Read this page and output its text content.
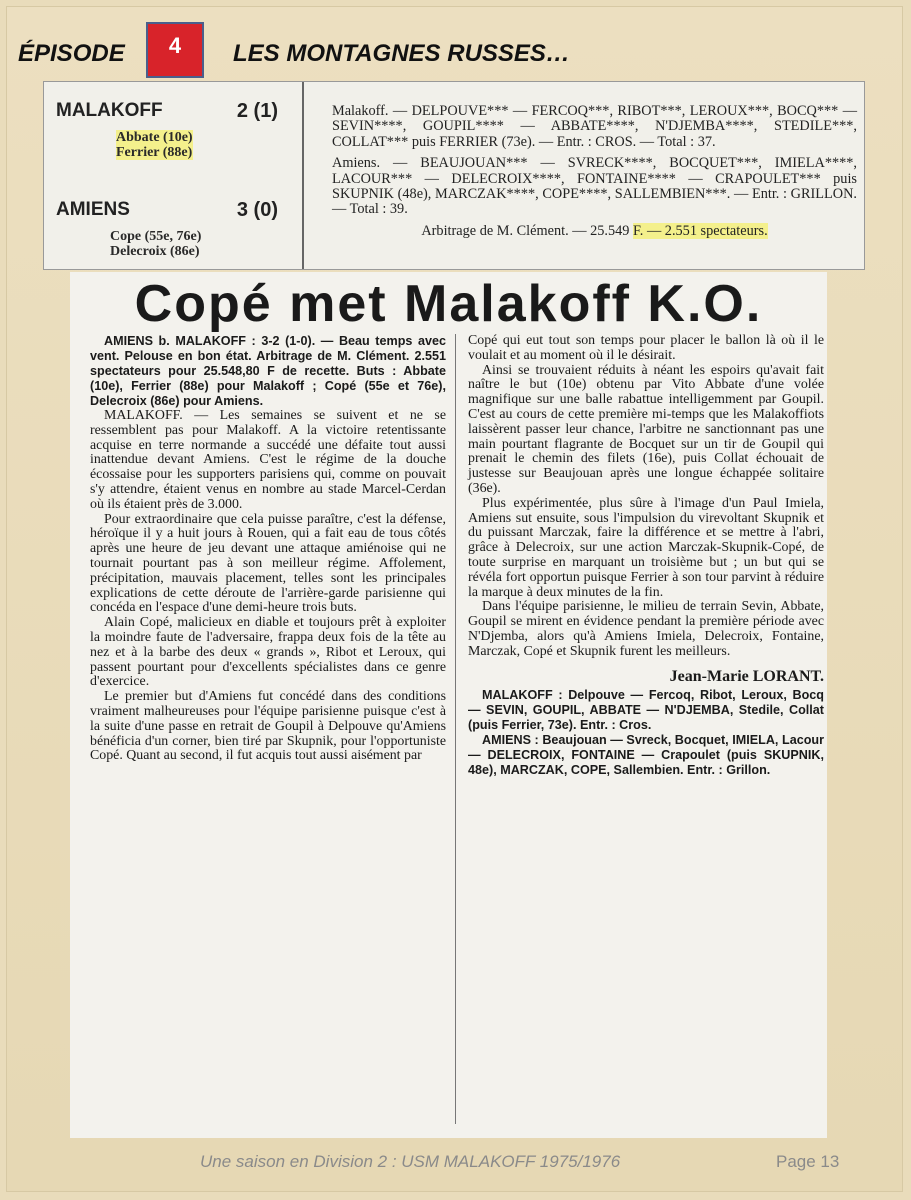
ÉPISODE	4	LES MONTAGNES RUSSES…
MALAKOFF	2 (1)
Abbate (10e)
Ferrier (88e)
AMIENS	3 (0)
Cope (55e, 76e)
Delecroix (86e)

Malakoff. — DELPOUVE*** — FERCOQ***, RIBOT***, LEROUX***, BOCQ*** — SEVIN****, GOUPIL**** — ABBATE****, N'DJEMBA****, STEDILE***, COLLAT*** puis FERRIER (73e). — Entr. : CROS. — Total : 37.

Amiens. — BEAUJOUAN*** — SVRECK****, BOCQUET***, IMIELA****, LACOUR*** — DELECROIX****, FONTAINE**** — CRAPOULET*** puis SKUPNIK (48e), MARCZAK****, COPE****, SALLEMBIEN***. — Entr. : GRILLON. — Total : 39.

Arbitrage de M. Clément. — 25.549 F. — 2.551 spectateurs.

Copé met Malakoff K.O.

AMIENS b. MALAKOFF : 3-2 (1-0). — Beau temps avec vent. Pelouse en bon état. Arbitrage de M. Clément. 2.551 spectateurs pour 25.548,80 F de recette. Buts : Abbate (10e), Ferrier (88e) pour Malakoff ; Copé (55e et 76e), Delecroix (86e) pour Amiens.

MALAKOFF. — Les semaines se suivent et ne se ressemblent pas pour Malakoff. A la victoire retentissante acquise en terre normande a succédé une défaite tout aussi inattendue devant Amiens. C'est le régime de la douche écossaise pour les supporters parisiens qui, comme on pouvait s'y attendre, étaient venus en nombre au stade Marcel-Cerdan où ils étaient près de 3.000.

Pour extraordinaire que cela puisse paraître, c'est la défense, héroïque il y a huit jours à Rouen, qui a fait eau de tous côtés après une heure de jeu devant une attaque amiénoise qui ne tournait pourtant pas à son meilleur régime. Affolement, précipitation, mauvais placement, telles sont les principales explications de cette déroute de l'arrière-garde parisienne qui concéda en l'espace d'une demi-heure trois buts.

Alain Copé, malicieux en diable et toujours prêt à exploiter la moindre faute de l'adversaire, frappa deux fois de la tête au nez et à la barbe des deux « grands », Ribot et Leroux, qui passent pourtant pour d'excellents spécialistes dans ce genre d'exercice.

Le premier but d'Amiens fut concédé dans des conditions vraiment malheureuses pour l'équipe parisienne puisque c'est à la suite d'une passe en retrait de Goupil à Delpouve qu'Amiens bénéficia d'un corner, bien tiré par Skupnik, pour l'opportuniste Copé. Quant au second, il fut acquis tout aussi aisément par

Copé qui eut tout son temps pour placer le ballon là où il le voulait et au moment où il le désirait.

Ainsi se trouvaient réduits à néant les espoirs qu'avait fait naître le but (10e) obtenu par Vito Abbate d'une volée magnifique sur une balle rabattue intelligemment par Goupil. C'est au cours de cette première mi-temps que les Malakoffiots laissèrent passer leur chance, l'arbitre ne sanctionnant pas une main pourtant flagrante de Bocquet sur un tir de Goupil qui prenait le chemin des filets (16e), puis Collat échouait de justesse sur Beaujouan après une longue échappée solitaire (36e).

Plus expérimentée, plus sûre à l'image d'un Paul Imiela, Amiens sut ensuite, sous l'impulsion du virevoltant Skupnik et du puissant Marczak, faire la différence et se mettre à l'abri, grâce à Delecroix, sur une action Marczak-Skupnik-Copé, de toute surprise en marquant un troisième but ; un but qui se révéla fort opportun puisque Ferrier à son tour parvint à réduire la marque à deux minutes de la fin.

Dans l'équipe parisienne, le milieu de terrain Sevin, Abbate, Goupil se mirent en évidence pendant la première période avec N'Djemba, alors qu'à Amiens Imiela, Delecroix, Fontaine, Marczak, Copé et Skupnik furent les meilleurs.

Jean-Marie LORANT.

MALAKOFF : Delpouve — Fercoq, Ribot, Leroux, Bocq — SEVIN, GOUPIL, ABBATE — N'DJEMBA, Stedile, Collat (puis Ferrier, 73e). Entr. : Cros.

AMIENS : Beaujouan — Svreck, Bocquet, IMIELA, Lacour — DELECROIX, FONTAINE — Crapoulet (puis SKUPNIK, 48e), MARCZAK, COPE, Sallembien. Entr. : Grillon.

Une saison en Division 2 : USM MALAKOFF 1975/1976	Page 13
